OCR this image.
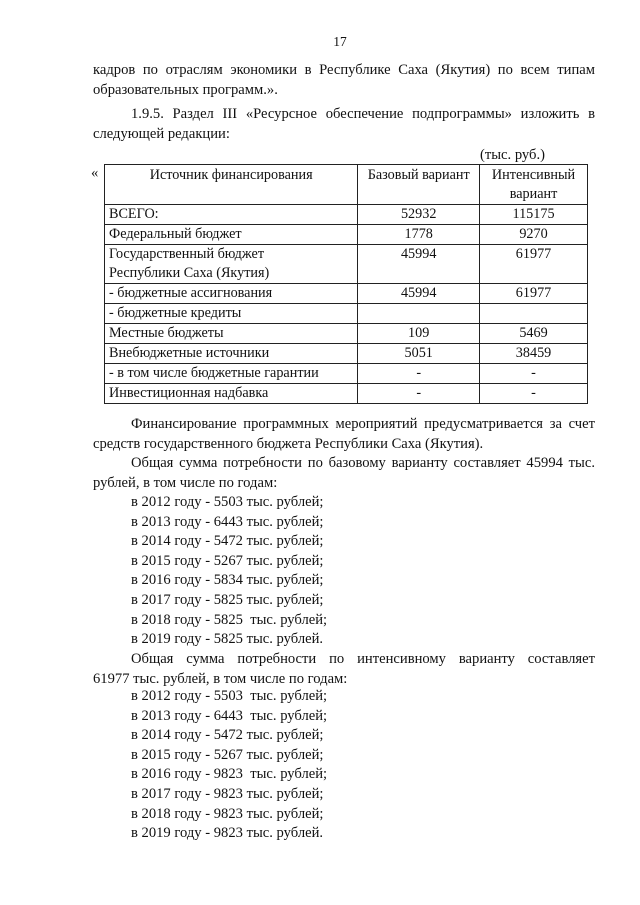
17
кадров по отраслям экономики в Республике Саха (Якутия) по всем типам
образовательных программ.».
1.9.5. Раздел III «Ресурсное обеспечение подпрограммы» изложить в
следующей редакции:
(тыс. руб.)
«	Источник финансирования	Базовый вариант	Интенсивный
вариант

ВСЕГО:	52932	115175
Федеральный бюджет	1778	9270

Государственный бюджет
Республики Саха (Якутия)	45994	61977
- бюджетные ассигнования	45994	61977
- бюджетные кредиты		
Местные бюджеты	109	5469
Внебюджетные источники	5051	38459
- в том числе бюджетные гарантии	-	-
Инвестиционная надбавка	-	-
Финансирование программных мероприятий предусматривается за счет
средств государственного бюджета Республики Саха (Якутия).
Общая сумма потребности по базовому варианту составляет 45994 тыс.
рублей, в том числе по годам:
в 2012 году - 5503 тыс. рублей;
в 2013 году - 6443 тыс. рублей;
в 2014 году - 5472 тыс. рублей;
в 2015 году - 5267 тыс. рублей;
в 2016 году - 5834 тыс. рублей;
в 2017 году - 5825 тыс. рублей;
в 2018 году - 5825  тыс. рублей;
в 2019 году - 5825 тыс. рублей.
Общая сумма потребности по интенсивному варианту составляет
61977 тыс. рублей, в том числе по годам:
в 2012 году - 5503  тыс. рублей;
в 2013 году - 6443  тыс. рублей;
в 2014 году - 5472 тыс. рублей;
в 2015 году - 5267 тыс. рублей;
в 2016 году - 9823  тыс. рублей;
в 2017 году - 9823 тыс. рублей;
в 2018 году - 9823 тыс. рублей;
в 2019 году - 9823 тыс. рублей.
